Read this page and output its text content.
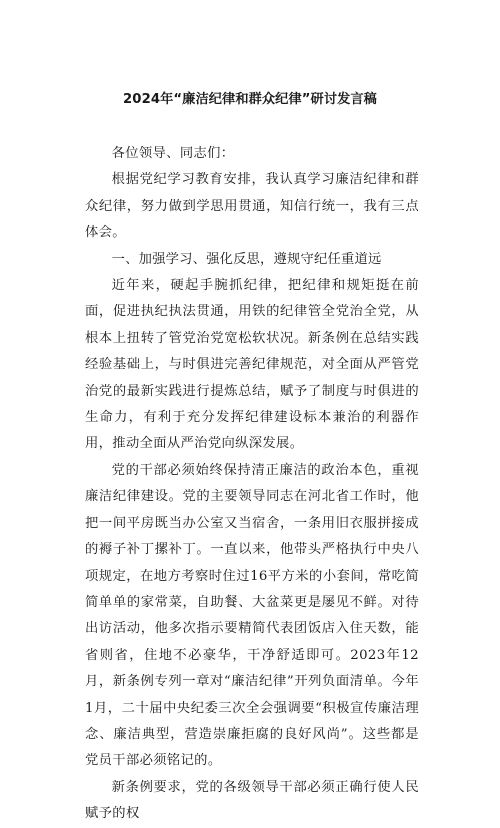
2024年“廉洁纪律和群众纪律”研讨发言稿

各位领导、同志们：

根据党纪学习教育安排，我认真学习廉洁纪律和群众纪律，努力做到学思用贯通，知信行统一，我有三点体会。

一、加强学习、强化反思，遵规守纪任重道远

近年来，硬起手腕抓纪律，把纪律和规矩挺在前面，促进执纪执法贯通，用铁的纪律管全党治全党，从根本上扭转了管党治党宽松软状况。新条例在总结实践经验基础上，与时俱进完善纪律规范，对全面从严管党治党的最新实践进行提炼总结，赋予了制度与时俱进的生命力，有利于充分发挥纪律建设标本兼治的利器作用，推动全面从严治党向纵深发展。

党的干部必须始终保持清正廉洁的政治本色，重视廉洁纪律建设。党的主要领导同志在河北省工作时，他把一间平房既当办公室又当宿舍，一条用旧衣服拼接成的褥子补丁摞补丁。一直以来，他带头严格执行中央八项规定，在地方考察时住过16平方米的小套间，常吃简简单单的家常菜，自助餐、大盆菜更是屡见不鲜。对待出访活动，他多次指示要精简代表团饭店入住天数，能省则省，住地不必豪华，干净舒适即可。2023年12月，新条例专列一章对“廉洁纪律”开列负面清单。今年1月，二十届中央纪委三次全会强调要“积极宣传廉洁理念、廉洁典型，营造崇廉拒腐的良好风尚”。这些都是党员干部必须铭记的。

新条例要求，党的各级领导干部必须正确行使人民赋予的权
